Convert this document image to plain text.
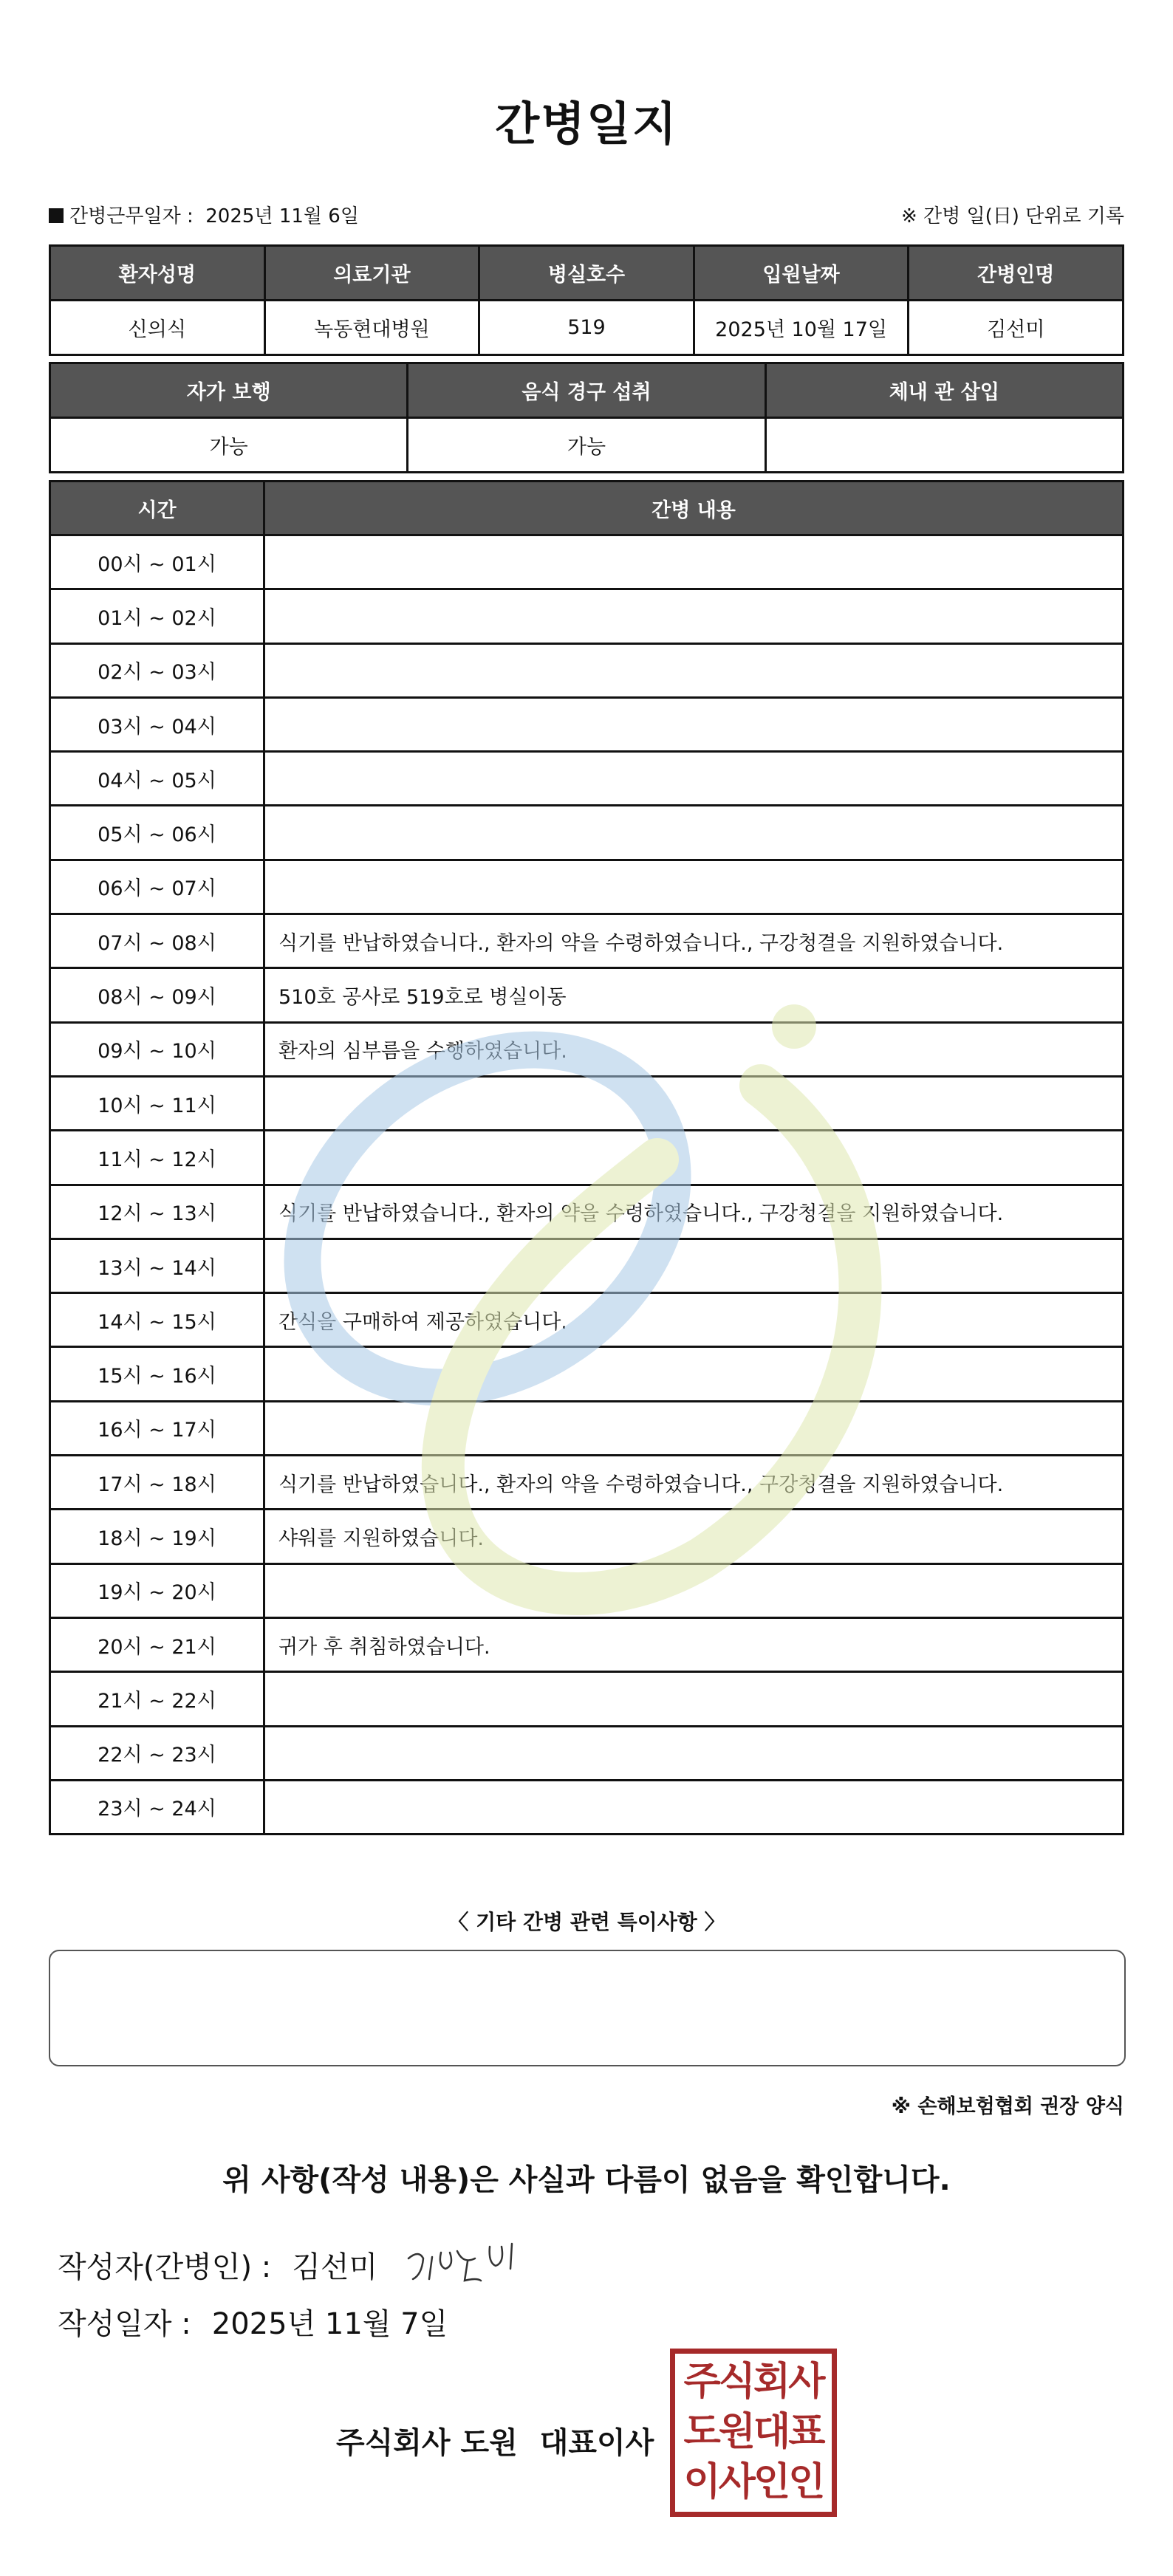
간병일지
간병근무일자 : 2025년 11월 6일	※ 간병 일(日) 단위로 기록
환자성명	의료기관	병실호수	입원날짜	간병인명
신의식	녹동현대병원	519	2025년 10월 17일	김선미
자가 보행	음식 경구 섭취	체내 관 삽입
가능	가능	
시간	간병 내용
00시 ~ 01시	
01시 ~ 02시	
02시 ~ 03시	
03시 ~ 04시	
04시 ~ 05시	
05시 ~ 06시	
06시 ~ 07시	
07시 ~ 08시	식기를 반납하였습니다., 환자의 약을 수령하였습니다., 구강청결을 지원하였습니다.
08시 ~ 09시	510호 공사로 519호로 병실이동
09시 ~ 10시	환자의 심부름을 수행하였습니다.
10시 ~ 11시	
11시 ~ 12시	
12시 ~ 13시	식기를 반납하였습니다., 환자의 약을 수령하였습니다., 구강청결을 지원하였습니다.
13시 ~ 14시	
14시 ~ 15시	간식을 구매하여 제공하였습니다.
15시 ~ 16시	
16시 ~ 17시	
17시 ~ 18시	식기를 반납하였습니다., 환자의 약을 수령하였습니다., 구강청결을 지원하였습니다.
18시 ~ 19시	샤워를 지원하였습니다.
19시 ~ 20시	
20시 ~ 21시	귀가 후 취침하였습니다.
21시 ~ 22시	
22시 ~ 23시	
23시 ~ 24시	
〈 기타 간병 관련 특이사항 〉
※ 손해보험협회 권장 양식
위 사항(작성 내용)은 사실과 다름이 없음을 확인합니다.
작성자(간병인) : 김선미
작성일자 : 2025년 11월 7일
주식회사 도원 대표이사
주식회사
도원대표
이사인인
